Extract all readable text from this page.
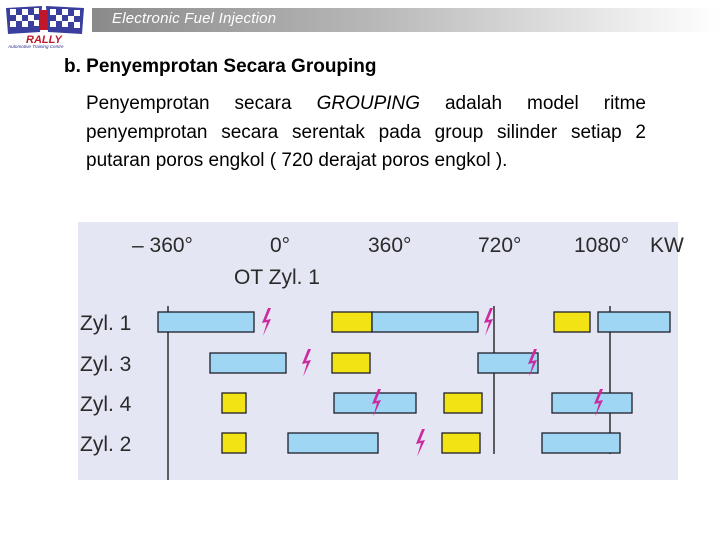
Electronic Fuel Injection
RALLY
Automotive Training Centre
b. Penyemprotan Secara Grouping
Penyemprotan secara GROUPING adalah model ritme penyemprotan secara serentak pada group silinder setiap 2 putaran poros engkol ( 720 derajat poros engkol ).
– 360°	0°	360°	720°	1080° KW
OT Zyl. 1
Zyl. 1
Zyl. 3
Zyl. 4
Zyl. 2
